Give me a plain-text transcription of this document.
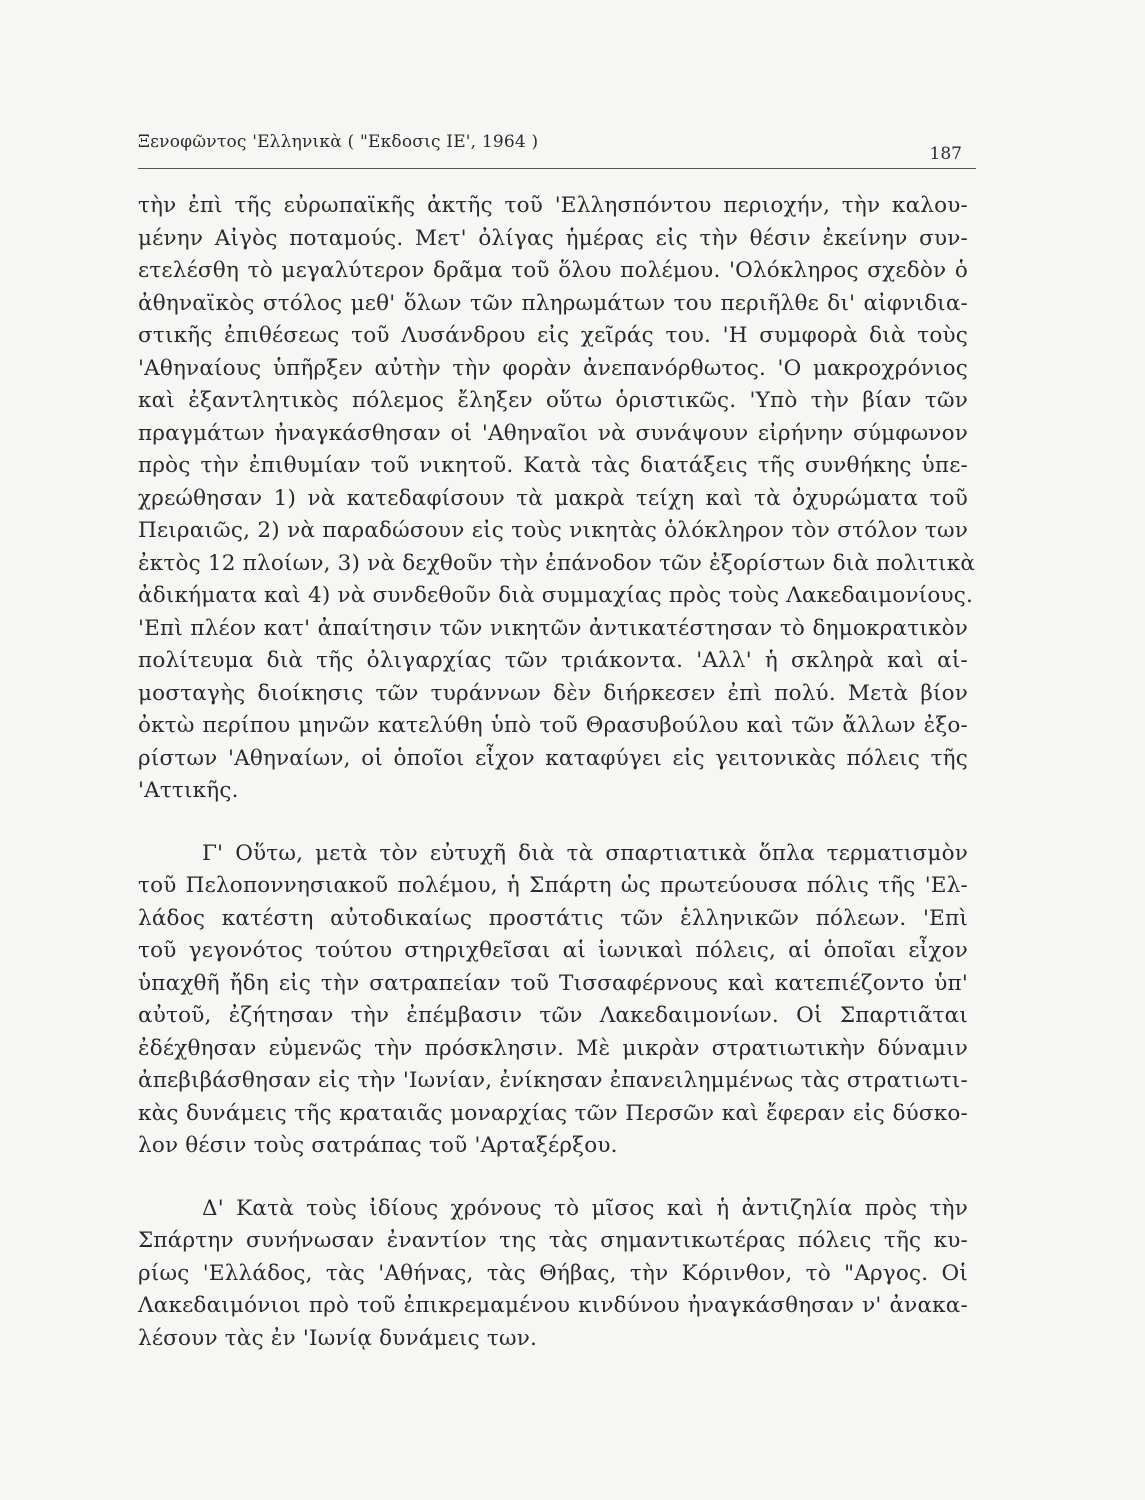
Ξενοφῶντος 'Ελληνικὰ ( "Εκδοσις ΙΕ', 1964 )
187
τὴν ἐπὶ τῆς εὐρωπαϊκῆς ἀκτῆς τοῦ 'Ελλησπόντου περιοχήν, τὴν καλου-
μένην Αἰγὸς ποταμούς. Μετ' ὀλίγας ἡμέρας εἰς τὴν θέσιν ἐκείνην συν-
ετελέσθη τὸ μεγαλύτερον δρᾶμα τοῦ ὅλου πολέμου. 'Ολόκληρος σχεδὸν ὁ
ἀθηναϊκὸς στόλος μεθ' ὅλων τῶν πληρωμάτων του περιῆλθε δι' αἰφνιδια-
στικῆς ἐπιθέσεως τοῦ Λυσάνδρου εἰς χεῖράς του. 'Η συμφορὰ διὰ τοὺς
'Αθηναίους ὑπῆρξεν αὐτὴν τὴν φορὰν ἀνεπανόρθωτος. 'Ο μακροχρόνιος
καὶ ἐξαντλητικὸς πόλεμος ἔληξεν οὕτω ὁριστικῶς. 'Υπὸ τὴν βίαν τῶν
πραγμάτων ἠναγκάσθησαν οἱ 'Αθηναῖοι νὰ συνάψουν εἰρήνην σύμφωνον
πρὸς τὴν ἐπιθυμίαν τοῦ νικητοῦ. Κατὰ τὰς διατάξεις τῆς συνθήκης ὑπε-
χρεώθησαν 1) νὰ κατεδαφίσουν τὰ μακρὰ τείχη καὶ τὰ ὀχυρώματα τοῦ
Πειραιῶς, 2) νὰ παραδώσουν εἰς τοὺς νικητὰς ὁλόκληρον τὸν στόλον των
ἐκτὸς 12 πλοίων, 3) νὰ δεχθοῦν τὴν ἐπάνοδον τῶν ἐξορίστων διὰ πολιτικὰ
ἀδικήματα καὶ 4) νὰ συνδεθοῦν διὰ συμμαχίας πρὸς τοὺς Λακεδαιμονίους.
'Επὶ πλέον κατ' ἀπαίτησιν τῶν νικητῶν ἀντικατέστησαν τὸ δημοκρατικὸν
πολίτευμα διὰ τῆς ὀλιγαρχίας τῶν τριάκοντα. 'Αλλ' ἡ σκληρὰ καὶ αἱ-
μοσταγὴς διοίκησις τῶν τυράννων δὲν διήρκεσεν ἐπὶ πολύ. Μετὰ βίον
ὀκτὼ περίπου μηνῶν κατελύθη ὑπὸ τοῦ Θρασυβούλου καὶ τῶν ἄλλων ἐξο-
ρίστων 'Αθηναίων, οἱ ὁποῖοι εἶχον καταφύγει εἰς γειτονικὰς πόλεις τῆς
'Αττικῆς.
Γ' Οὕτω, μετὰ τὸν εὐτυχῆ διὰ τὰ σπαρτιατικὰ ὅπλα τερματισμὸν
τοῦ Πελοποννησιακοῦ πολέμου, ἡ Σπάρτη ὡς πρωτεύουσα πόλις τῆς 'Ελ-
λάδος κατέστη αὐτοδικαίως προστάτις τῶν ἑλληνικῶν πόλεων. 'Επὶ
τοῦ γεγονότος τούτου στηριχθεῖσαι αἱ ἰωνικαὶ πόλεις, αἱ ὁποῖαι εἶχον
ὑπαχθῆ ἤδη εἰς τὴν σατραπείαν τοῦ Τισσαφέρνους καὶ κατεπιέζοντο ὑπ'
αὐτοῦ, ἐζήτησαν τὴν ἐπέμβασιν τῶν Λακεδαιμονίων. Οἱ Σπαρτιᾶται
ἐδέχθησαν εὐμενῶς τὴν πρόσκλησιν. Μὲ μικρὰν στρατιωτικὴν δύναμιν
ἀπεβιβάσθησαν εἰς τὴν 'Ιωνίαν, ἐνίκησαν ἐπανειλημμένως τὰς στρατιωτι-
κὰς δυνάμεις τῆς κραταιᾶς μοναρχίας τῶν Περσῶν καὶ ἔφεραν εἰς δύσκο-
λον θέσιν τοὺς σατράπας τοῦ 'Αρταξέρξου.
Δ' Κατὰ τοὺς ἰδίους χρόνους τὸ μῖσος καὶ ἡ ἀντιζηλία πρὸς τὴν
Σπάρτην συνήνωσαν ἐναντίον της τὰς σημαντικωτέρας πόλεις τῆς κυ-
ρίως 'Ελλάδος, τὰς 'Αθήνας, τὰς Θήβας, τὴν Κόρινθον, τὸ "Αργος. Οἱ
Λακεδαιμόνιοι πρὸ τοῦ ἐπικρεμαμένου κινδύνου ἠναγκάσθησαν ν' ἀνακα-
λέσουν τὰς ἐν 'Ιωνίᾳ δυνάμεις των.
